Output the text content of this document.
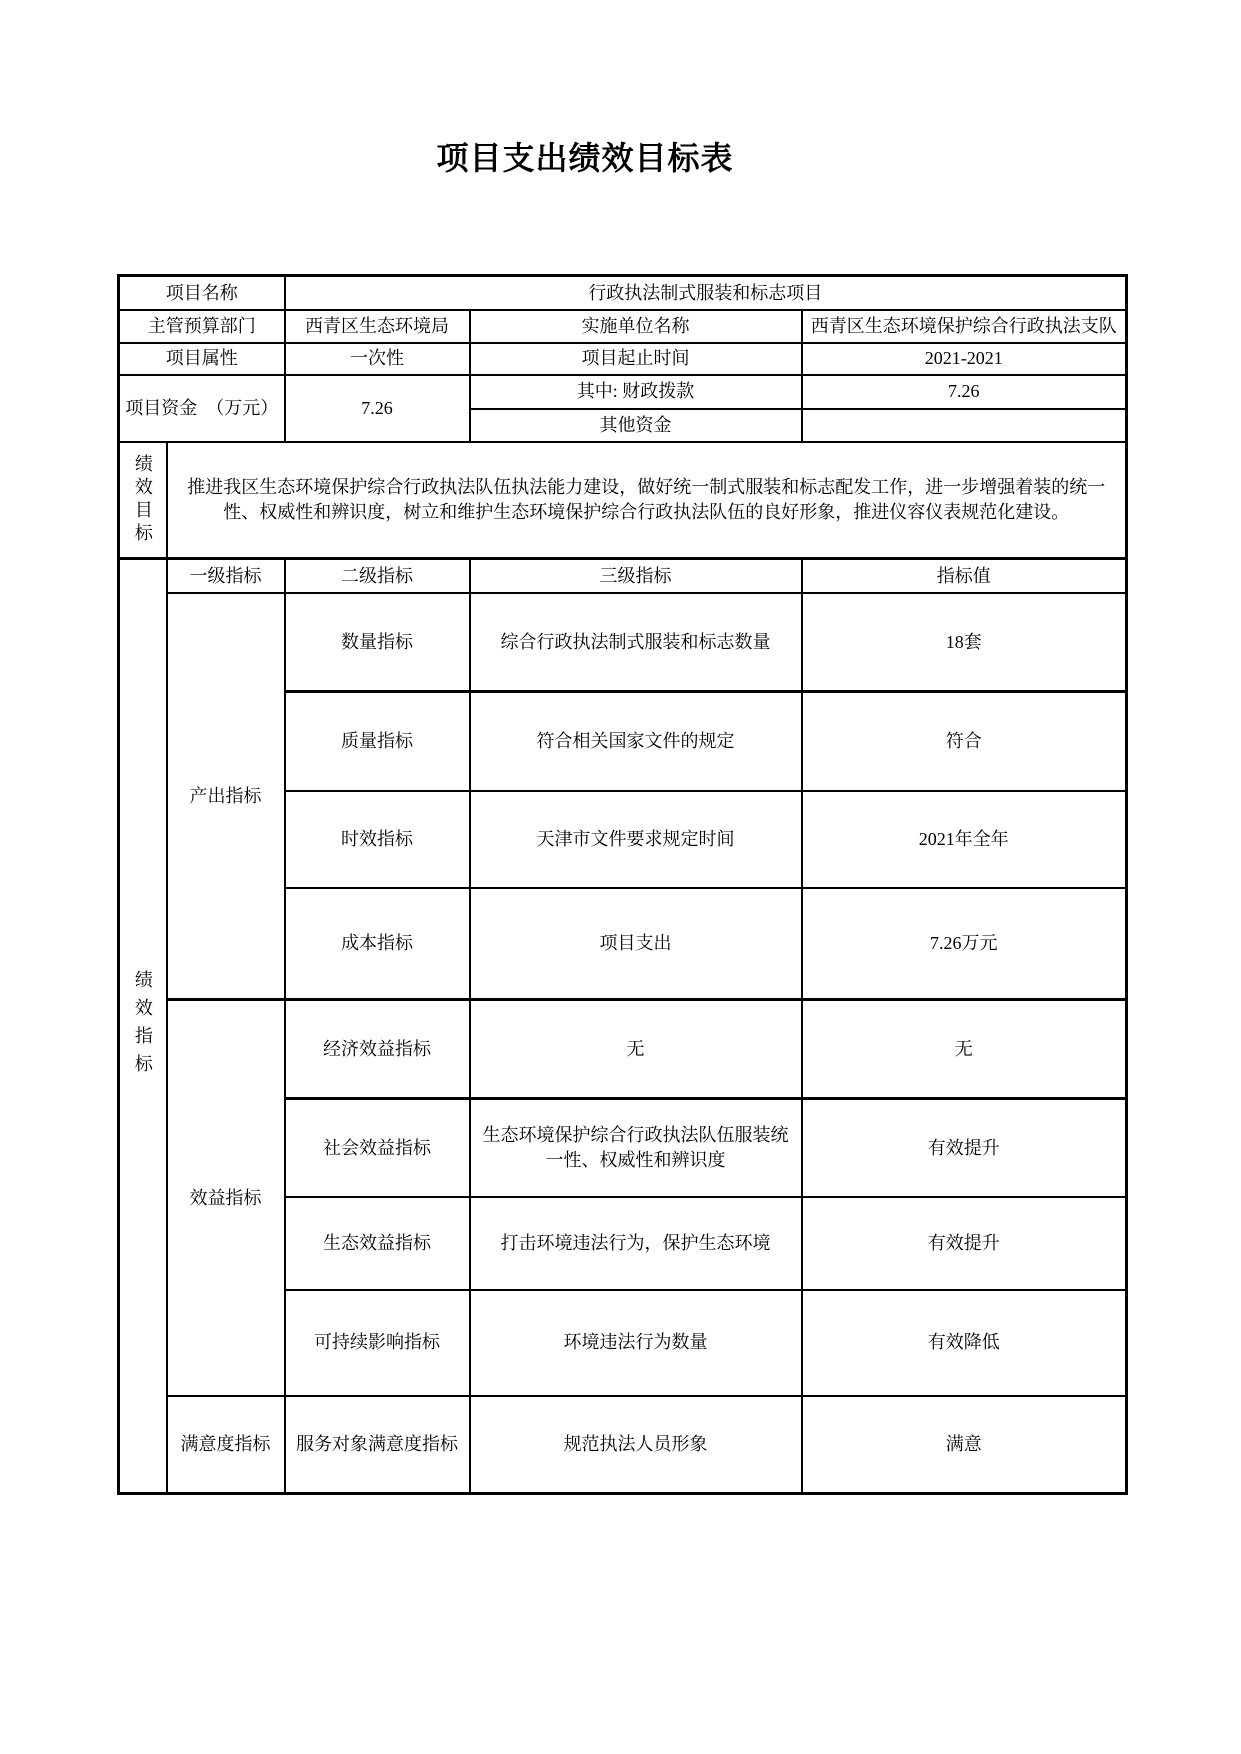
项目支出绩效目标表
项目名称		行政执法制式服装和标志项目		
主管预算部门		西青区生态环境局	实施单位名称	西青区生态环境保护综合行政执法支队
项目属性		一次性	项目起止时间	2021-2021
项目资金　（万元）		7.26	其中: 财政拨款	7.26
			其他资金	

绩效目标	推进我区生态环境保护综合行政执法队伍执法能力建设，做好统一制式服装和标志配发工作，进一步增强着装的统一性、权威性和辨识度，树立和维护生态环境保护综合行政执法队伍的良好形象，推进仪容仪表规范化建设。			

绩效指标	一级指标	二级指标	三级指标	指标值
	产出指标	数量指标	综合行政执法制式服装和标志数量	18套
		质量指标	符合相关国家文件的规定	符合
		时效指标	天津市文件要求规定时间	2021年全年
		成本指标	项目支出	7.26万元
	效益指标	经济效益指标	无	无
		社会效益指标	生态环境保护综合行政执法队伍服装统一性、权威性和辨识度	有效提升
		生态效益指标	打击环境违法行为，保护生态环境	有效提升
		可持续影响指标	环境违法行为数量	有效降低
	满意度指标	服务对象满意度指标	规范执法人员形象	满意
